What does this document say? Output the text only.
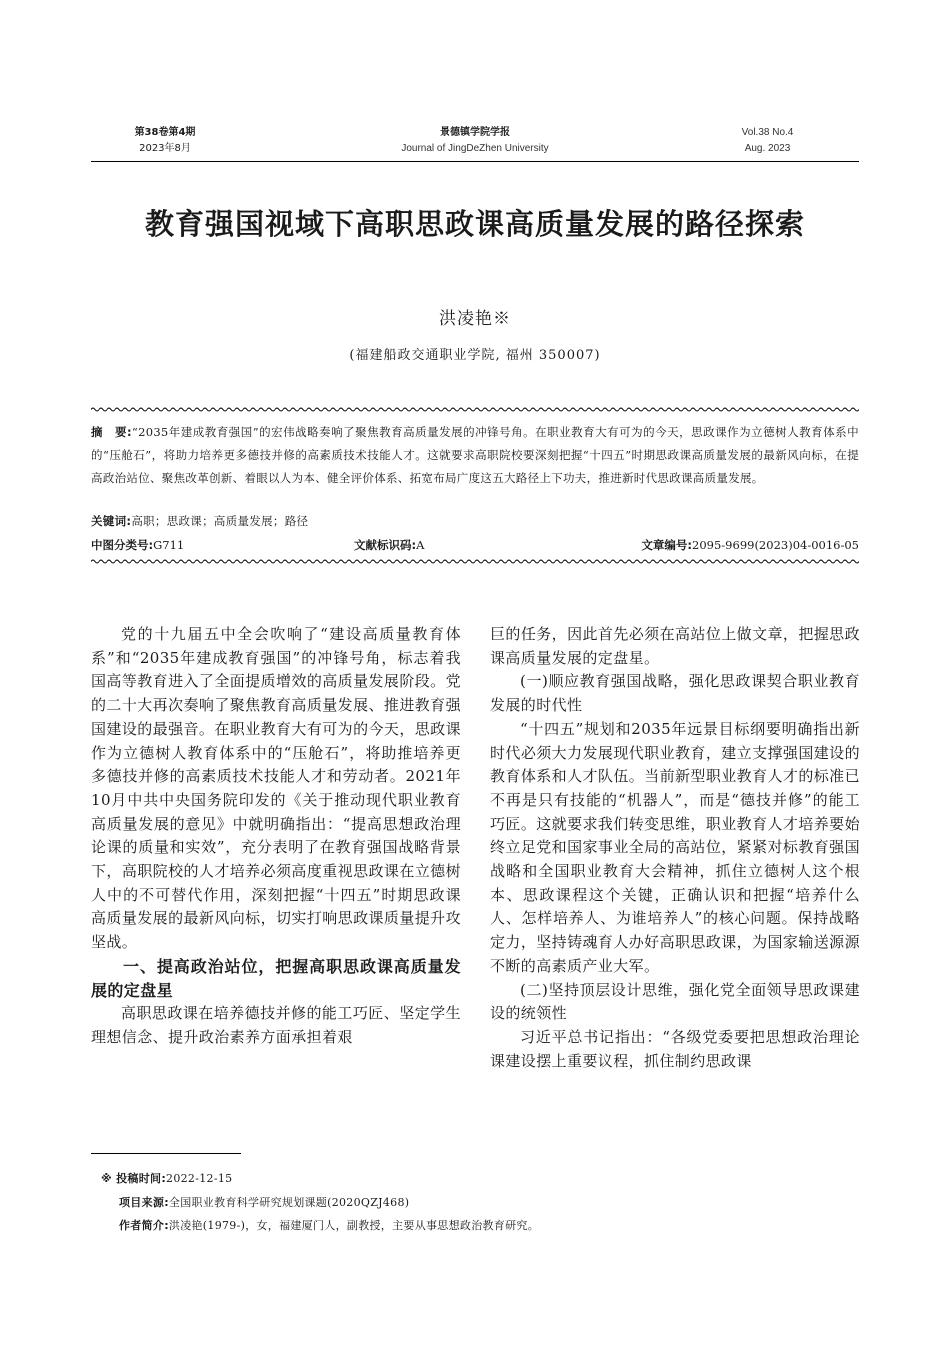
第38卷第4期
2023年8月
景德镇学院学报
Journal of JingDeZhen University
Vol.38 No.4
Aug. 2023
教育强国视域下高职思政课高质量发展的路径探索
洪凌艳※
(福建船政交通职业学院, 福州 350007)
摘　要:“2035年建成教育强国”的宏伟战略奏响了聚焦教育高质量发展的冲锋号角。在职业教育大有可为的今天，思政课作为立德树人教育体系中的“压舱石”，将助力培养更多德技并修的高素质技术技能人才。这就要求高职院校要深刻把握“十四五”时期思政课高质量发展的最新风向标，在提高政治站位、聚焦改革创新、着眼以人为本、健全评价体系、拓宽布局广度这五大路径上下功夫，推进新时代思政课高质量发展。
关键词:高职；思政课；高质量发展；路径
中图分类号:G711	文献标识码:A	文章编号:2095-9699(2023)04-0016-05

党的十九届五中全会吹响了“建设高质量教育体系”和“2035年建成教育强国”的冲锋号角，标志着我国高等教育进入了全面提质增效的高质量发展阶段。党的二十大再次奏响了聚焦教育高质量发展、推进教育强国建设的最强音。在职业教育大有可为的今天，思政课作为立德树人教育体系中的“压舱石”，将助推培养更多德技并修的高素质技术技能人才和劳动者。2021年10月中共中央国务院印发的《关于推动现代职业教育高质量发展的意见》中就明确指出：“提高思想政治理论课的质量和实效”，充分表明了在教育强国战略背景下，高职院校的人才培养必须高度重视思政课在立德树人中的不可替代作用，深刻把握“十四五”时期思政课高质量发展的最新风向标，切实打响思政课质量提升攻坚战。

一、提高政治站位，把握高职思政课高质量发展的定盘星

高职思政课在培养德技并修的能工巧匠、坚定学生理想信念、提升政治素养方面承担着艰

巨的任务，因此首先必须在高站位上做文章，把握思政课高质量发展的定盘星。

(一)顺应教育强国战略，强化思政课契合职业教育发展的时代性

“十四五”规划和2035年远景目标纲要明确指出新时代必须大力发展现代职业教育，建立支撑强国建设的教育体系和人才队伍。当前新型职业教育人才的标准已不再是只有技能的“机器人”，而是“德技并修”的能工巧匠。这就要求我们转变思维，职业教育人才培养要始终立足党和国家事业全局的高站位，紧紧对标教育强国战略和全国职业教育大会精神，抓住立德树人这个根本、思政课程这个关键，正确认识和把握“培养什么人、怎样培养人、为谁培养人”的核心问题。保持战略定力，坚持铸魂育人办好高职思政课，为国家输送源源不断的高素质产业大军。

(二)坚持顶层设计思维，强化党全面领导思政课建设的统领性

习近平总书记指出：“各级党委要把思想政治理论课建设摆上重要议程，抓住制约思政课

※ 投稿时间:2022-12-15
项目来源:全国职业教育科学研究规划课题(2020QZJ468)
作者简介:洪凌艳(1979-)，女，福建厦门人，副教授，主要从事思想政治教育研究。
